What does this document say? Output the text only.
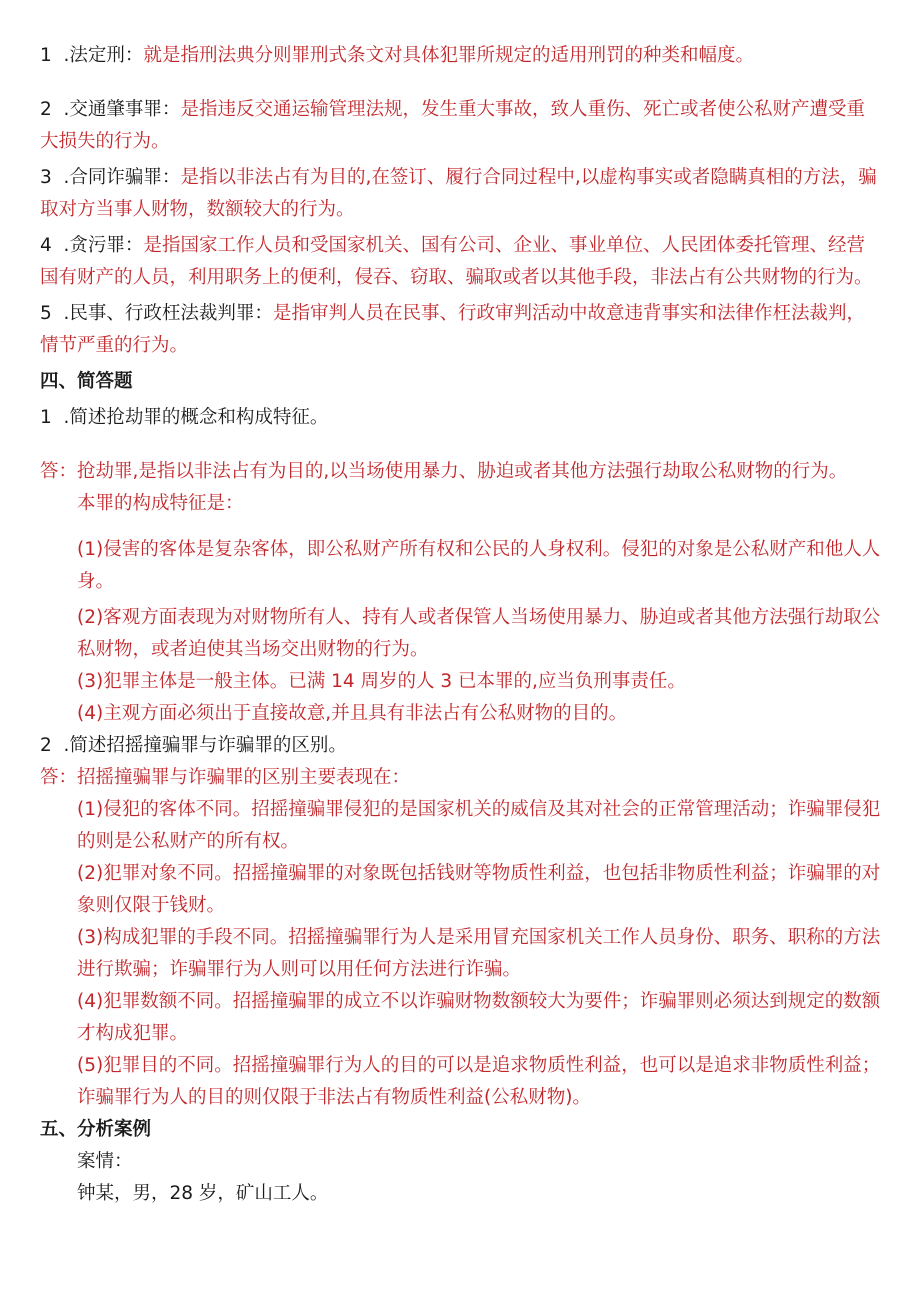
1 .法定刑：就是指刑法典分则罪刑式条文对具体犯罪所规定的适用刑罚的种类和幅度。

2 .交通肇事罪：是指违反交通运输管理法规，发生重大事故，致人重伤、死亡或者使公私财产遭受重大损失的行为。

3 .合同诈骗罪：是指以非法占有为目的,在签订、履行合同过程中,以虚构事实或者隐瞒真相的方法，骗取对方当事人财物，数额较大的行为。

4 .贪污罪：是指国家工作人员和受国家机关、国有公司、企业、事业单位、人民团体委托管理、经营国有财产的人员，利用职务上的便利，侵吞、窃取、骗取或者以其他手段，非法占有公共财物的行为。

5 .民事、行政枉法裁判罪：是指审判人员在民事、行政审判活动中故意违背事实和法律作枉法裁判，情节严重的行为。

四、简答题

1 .简述抢劫罪的概念和构成特征。

答：抢劫罪,是指以非法占有为目的,以当场使用暴力、胁迫或者其他方法强行劫取公私财物的行为。

本罪的构成特征是：

(1)侵害的客体是复杂客体，即公私财产所有权和公民的人身权利。侵犯的对象是公私财产和他人人身。

(2)客观方面表现为对财物所有人、持有人或者保管人当场使用暴力、胁迫或者其他方法强行劫取公私财物，或者迫使其当场交出财物的行为。

(3)犯罪主体是一般主体。已满 14 周岁的人 3 已本罪的,应当负刑事责任。

(4)主观方面必须出于直接故意,并且具有非法占有公私财物的目的。

2 .简述招摇撞骗罪与诈骗罪的区别。

答：招摇撞骗罪与诈骗罪的区别主要表现在：

(1)侵犯的客体不同。招摇撞骗罪侵犯的是国家机关的威信及其对社会的正常管理活动；诈骗罪侵犯的则是公私财产的所有权。

(2)犯罪对象不同。招摇撞骗罪的对象既包括钱财等物质性利益，也包括非物质性利益；诈骗罪的对象则仅限于钱财。

(3)构成犯罪的手段不同。招摇撞骗罪行为人是采用冒充国家机关工作人员身份、职务、职称的方法进行欺骗；诈骗罪行为人则可以用任何方法进行诈骗。

(4)犯罪数额不同。招摇撞骗罪的成立不以诈骗财物数额较大为要件；诈骗罪则必须达到规定的数额才构成犯罪。

(5)犯罪目的不同。招摇撞骗罪行为人的目的可以是追求物质性利益，也可以是追求非物质性利益；诈骗罪行为人的目的则仅限于非法占有物质性利益(公私财物)。

五、分析案例

案情：

钟某，男，28 岁，矿山工人。
